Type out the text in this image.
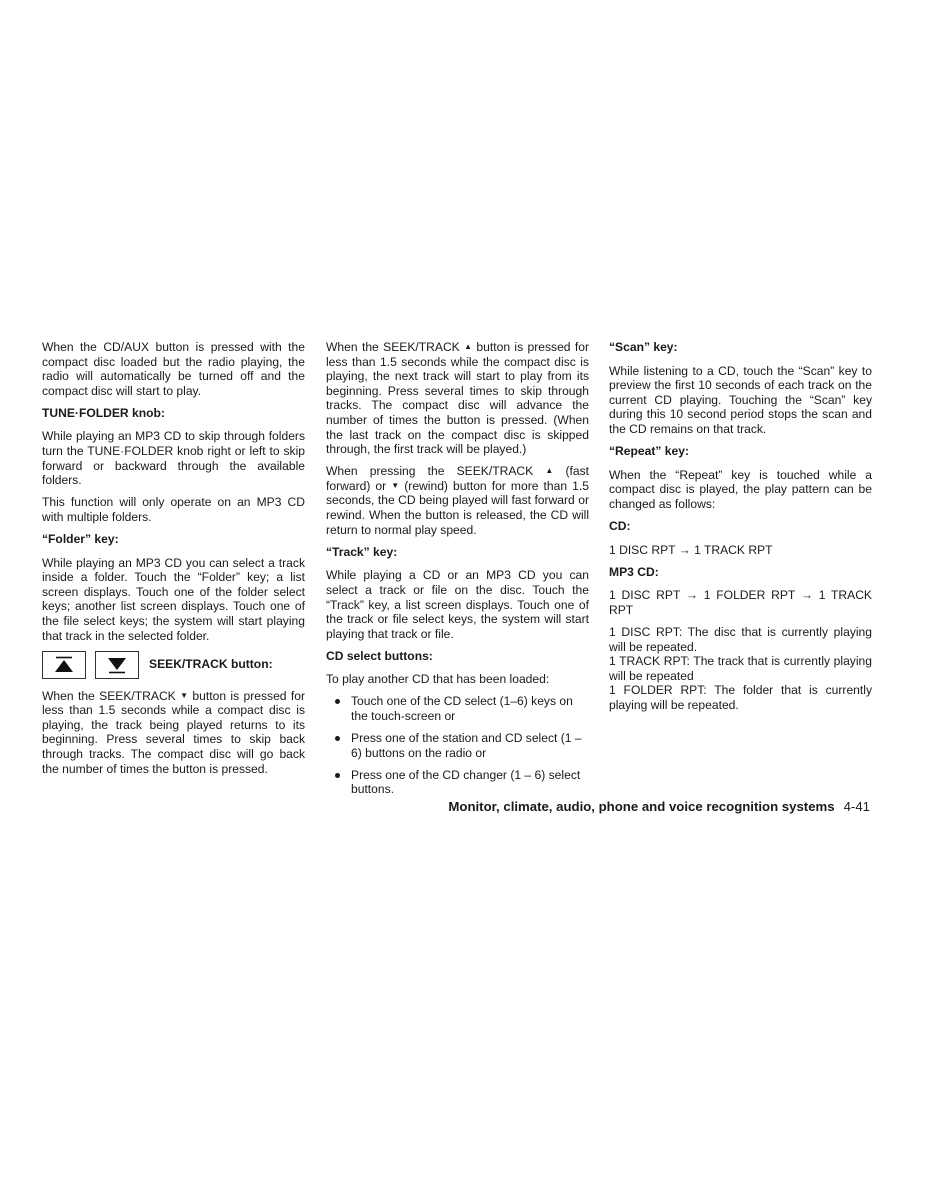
When the CD/AUX button is pressed with the compact disc loaded but the radio playing, the radio will automatically be turned off and the compact disc will start to play.

TUNE·FOLDER knob:

While playing an MP3 CD to skip through folders turn the TUNE·FOLDER knob right or left to skip forward or backward through the available folders.

This function will only operate on an MP3 CD with multiple folders.

“Folder” key:

While playing an MP3 CD you can select a track inside a folder. Touch the “Folder” key; a list screen displays. Touch one of the folder select keys; another list screen displays. Touch one of the file select keys; the system will start playing that track in the selected folder.

SEEK/TRACK button:

When the SEEK/TRACK ▼ button is pressed for less than 1.5 seconds while a compact disc is playing, the track being played returns to its beginning. Press several times to skip back through tracks. The compact disc will go back the number of times the button is pressed.

When the SEEK/TRACK ▲ button is pressed for less than 1.5 seconds while the compact disc is playing, the next track will start to play from its beginning. Press several times to skip through tracks. The compact disc will advance the number of times the button is pressed. (When the last track on the compact disc is skipped through, the first track will be played.)

When pressing the SEEK/TRACK ▲ (fast forward) or ▼ (rewind) button for more than 1.5 seconds, the CD being played will fast forward or rewind. When the button is released, the CD will return to normal play speed.

“Track” key:

While playing a CD or an MP3 CD you can select a track or file on the disc. Touch the “Track” key, a list screen displays. Touch one of the track or file select keys, the system will start playing that track or file.

CD select buttons:

To play another CD that has been loaded:

Touch one of the CD select (1–6) keys on the touch-screen or
Press one of the station and CD select (1 – 6) buttons on the radio or
Press one of the CD changer (1 – 6) select buttons.

“Scan” key:

While listening to a CD, touch the “Scan” key to preview the first 10 seconds of each track on the current CD playing. Touching the “Scan” key during this 10 second period stops the scan and the CD remains on that track.

“Repeat” key:

When the “Repeat” key is touched while a compact disc is played, the play pattern can be changed as follows:

CD:

1 DISC RPT → 1 TRACK RPT

MP3 CD:

1 DISC RPT → 1 FOLDER RPT → 1 TRACK RPT

1 DISC RPT: The disc that is currently playing will be repeated.

1 TRACK RPT: The track that is currently playing will be repeated

1 FOLDER RPT: The folder that is currently playing will be repeated.

Monitor, climate, audio, phone and voice recognition systems 4-41
